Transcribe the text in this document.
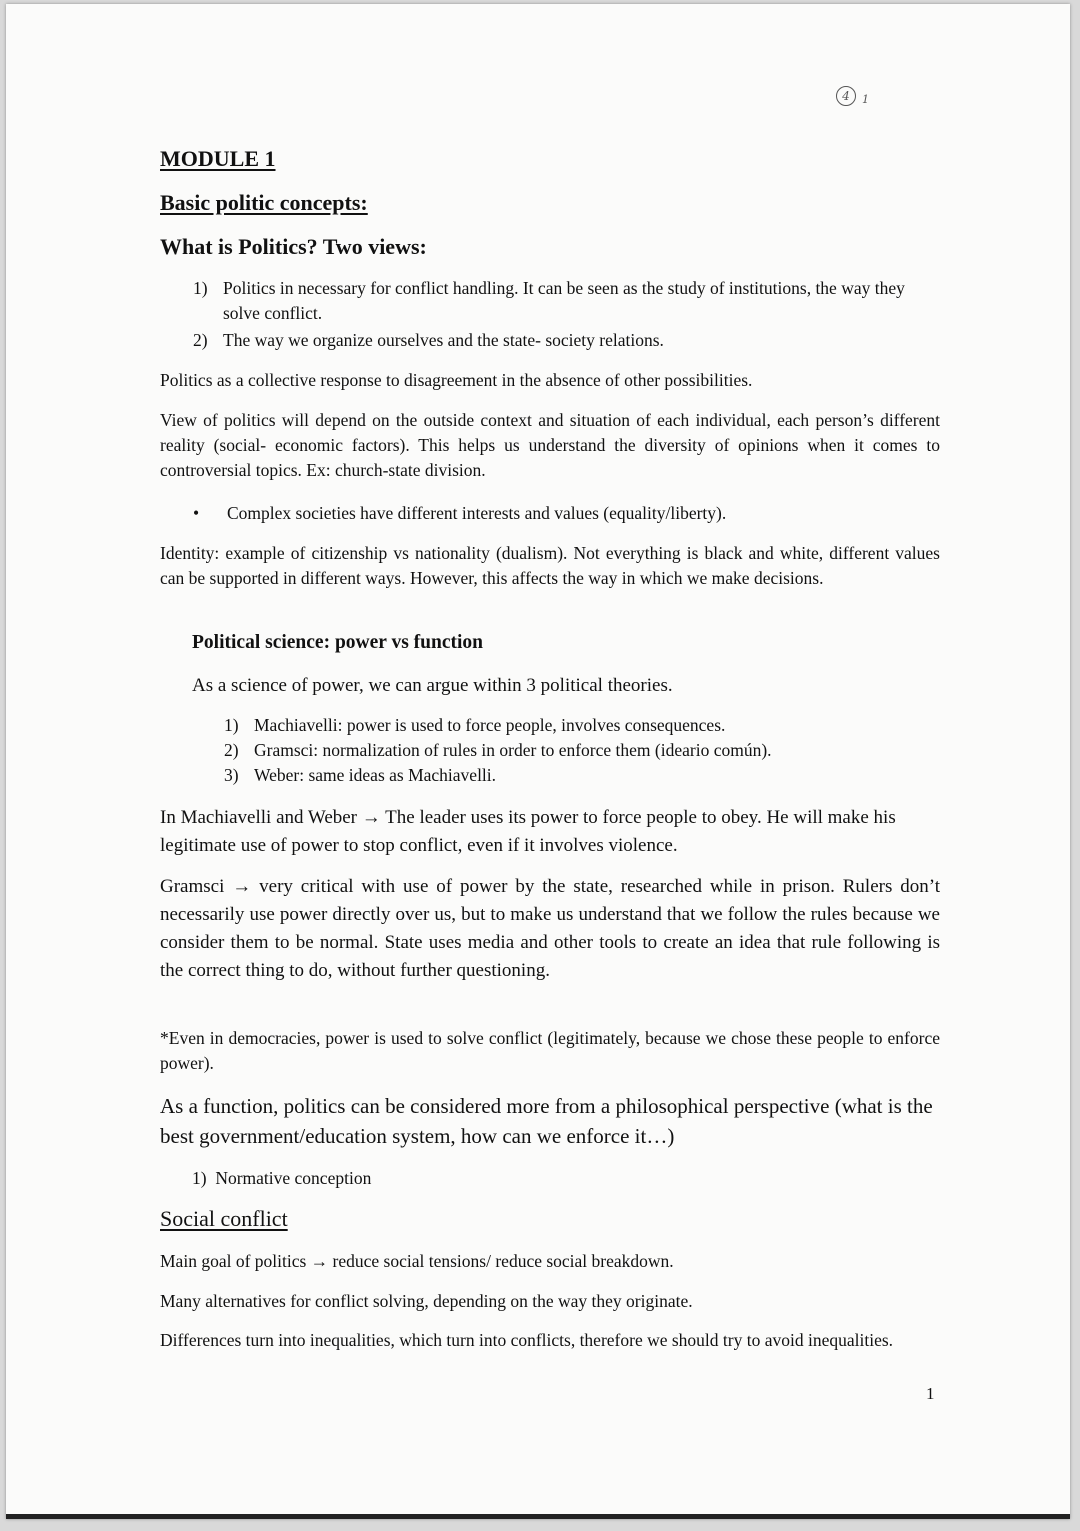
4 1
MODULE 1
Basic politic concepts:
What is Politics? Two views:
1) Politics in necessary for conflict handling. It can be seen as the study of institutions, the way they solve conflict.
2) The way we organize ourselves and the state- society relations.
Politics as a collective response to disagreement in the absence of other possibilities.
View of politics will depend on the outside context and situation of each individual, each person’s different reality (social- economic factors). This helps us understand the diversity of opinions when it comes to controversial topics. Ex: church-state division.
• Complex societies have different interests and values (equality/liberty).
Identity: example of citizenship vs nationality (dualism). Not everything is black and white, different values can be supported in different ways. However, this affects the way in which we make decisions.
Political science: power vs function
As a science of power, we can argue within 3 political theories.
1) Machiavelli: power is used to force people, involves consequences.
2) Gramsci: normalization of rules in order to enforce them (ideario común).
3) Weber: same ideas as Machiavelli.
In Machiavelli and Weber → The leader uses its power to force people to obey. He will make his legitimate use of power to stop conflict, even if it involves violence.
Gramsci → very critical with use of power by the state, researched while in prison. Rulers don’t necessarily use power directly over us, but to make us understand that we follow the rules because we consider them to be normal. State uses media and other tools to create an idea that rule following is the correct thing to do, without further questioning.
*Even in democracies, power is used to solve conflict (legitimately, because we chose these people to enforce power).
As a function, politics can be considered more from a philosophical perspective (what is the best government/education system, how can we enforce it…)
1) Normative conception
Social conflict
Main goal of politics → reduce social tensions/ reduce social breakdown.
Many alternatives for conflict solving, depending on the way they originate.
Differences turn into inequalities, which turn into conflicts, therefore we should try to avoid inequalities.
1
